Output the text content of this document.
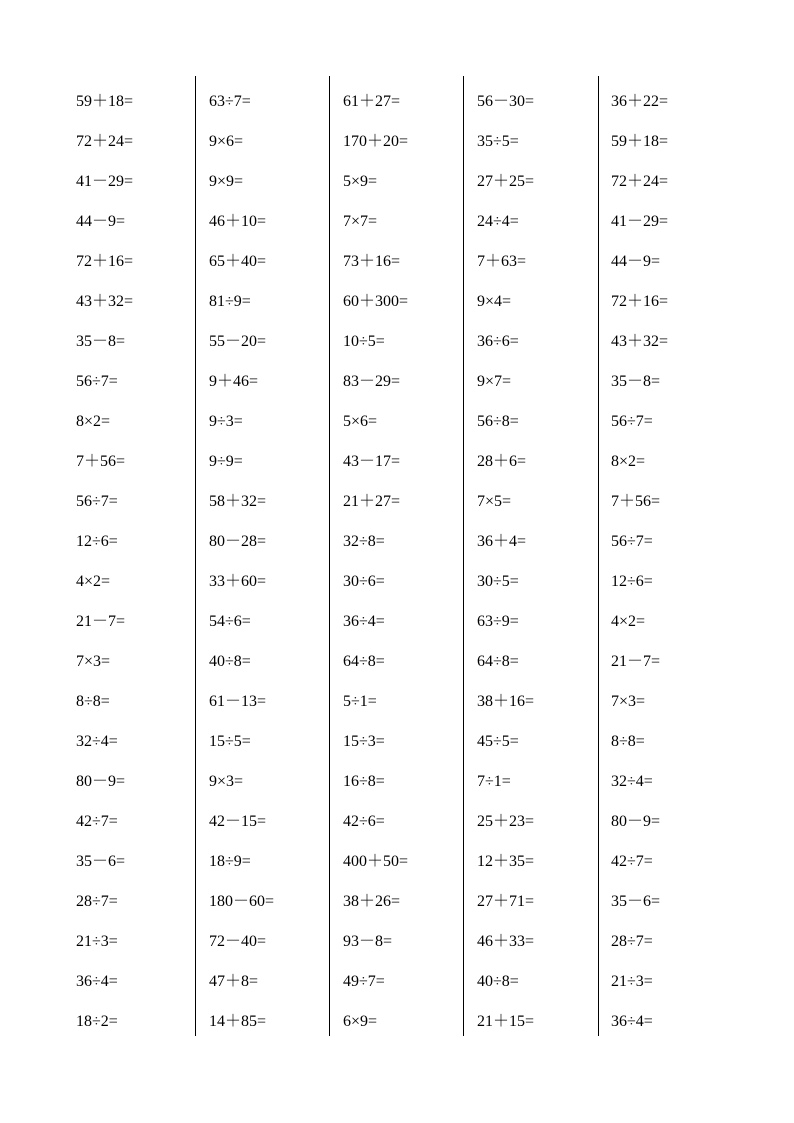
59＋18=
72＋24=
41－29=
44－9=
72＋16=
43＋32=
35－8=
56÷7=
8×2=
7＋56=
56÷7=
12÷6=
4×2=
21－7=
7×3=
8÷8=
32÷4=
80－9=
42÷7=
35－6=
28÷7=
21÷3=
36÷4=
18÷2=
63÷7=
9×6=
9×9=
46＋10=
65＋40=
81÷9=
55－20=
9＋46=
9÷3=
9÷9=
58＋32=
80－28=
33＋60=
54÷6=
40÷8=
61－13=
15÷5=
9×3=
42－15=
18÷9=
180－60=
72－40=
47＋8=
14＋85=
61＋27=
170＋20=
5×9=
7×7=
73＋16=
60＋300=
10÷5=
83－29=
5×6=
43－17=
21＋27=
32÷8=
30÷6=
36÷4=
64÷8=
5÷1=
15÷3=
16÷8=
42÷6=
400＋50=
38＋26=
93－8=
49÷7=
6×9=
56－30=
35÷5=
27＋25=
24÷4=
7＋63=
9×4=
36÷6=
9×7=
56÷8=
28＋6=
7×5=
36＋4=
30÷5=
63÷9=
64÷8=
38＋16=
45÷5=
7÷1=
25＋23=
12＋35=
27＋71=
46＋33=
40÷8=
21＋15=
36＋22=
59＋18=
72＋24=
41－29=
44－9=
72＋16=
43＋32=
35－8=
56÷7=
8×2=
7＋56=
56÷7=
12÷6=
4×2=
21－7=
7×3=
8÷8=
32÷4=
80－9=
42÷7=
35－6=
28÷7=
21÷3=
36÷4=
